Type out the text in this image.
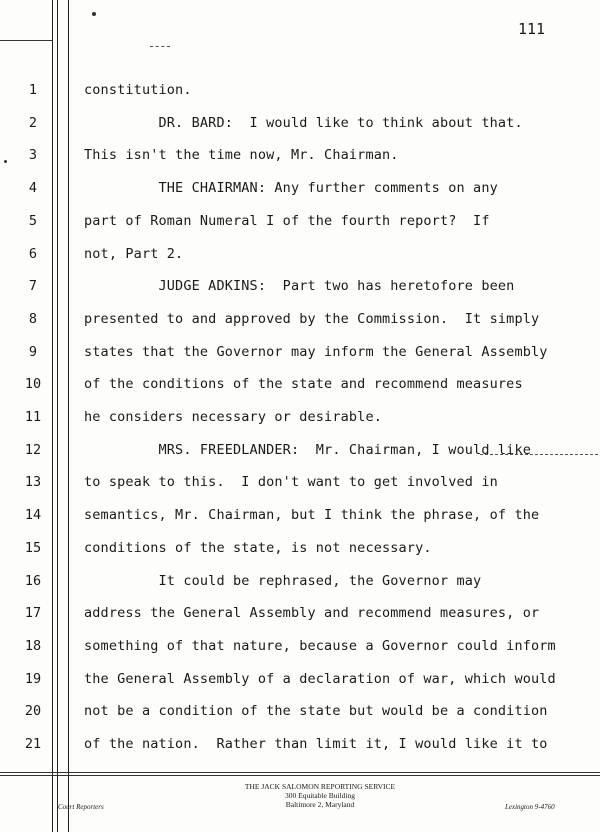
111
1	constitution.
2	DR. BARD:  I would like to think about that.
3	This isn't the time now, Mr. Chairman.
4	THE CHAIRMAN: Any further comments on any
5	part of Roman Numeral I of the fourth report?  If
6	not, Part 2.
7	JUDGE ADKINS:  Part two has heretofore been
8	presented to and approved by the Commission.  It simply
9	states that the Governor may inform the General Assembly
10	of the conditions of the state and recommend measures
11	he considers necessary or desirable.
12	MRS. FREEDLANDER:  Mr. Chairman, I would like
13	to speak to this.  I don't want to get involved in
14	semantics, Mr. Chairman, but I think the phrase, of the
15	conditions of the state, is not necessary.
16	It could be rephrased, the Governor may
17	address the General Assembly and recommend measures, or
18	something of that nature, because a Governor could inform
19	the General Assembly of a declaration of war, which would
20	not be a condition of the state but would be a condition
21	of the nation.  Rather than limit it, I would like it to
THE JACK SALOMON REPORTING SERVICE
300 Equitable Building
Baltimore 2, Maryland
Court Reporters	Lexington 9-4760
